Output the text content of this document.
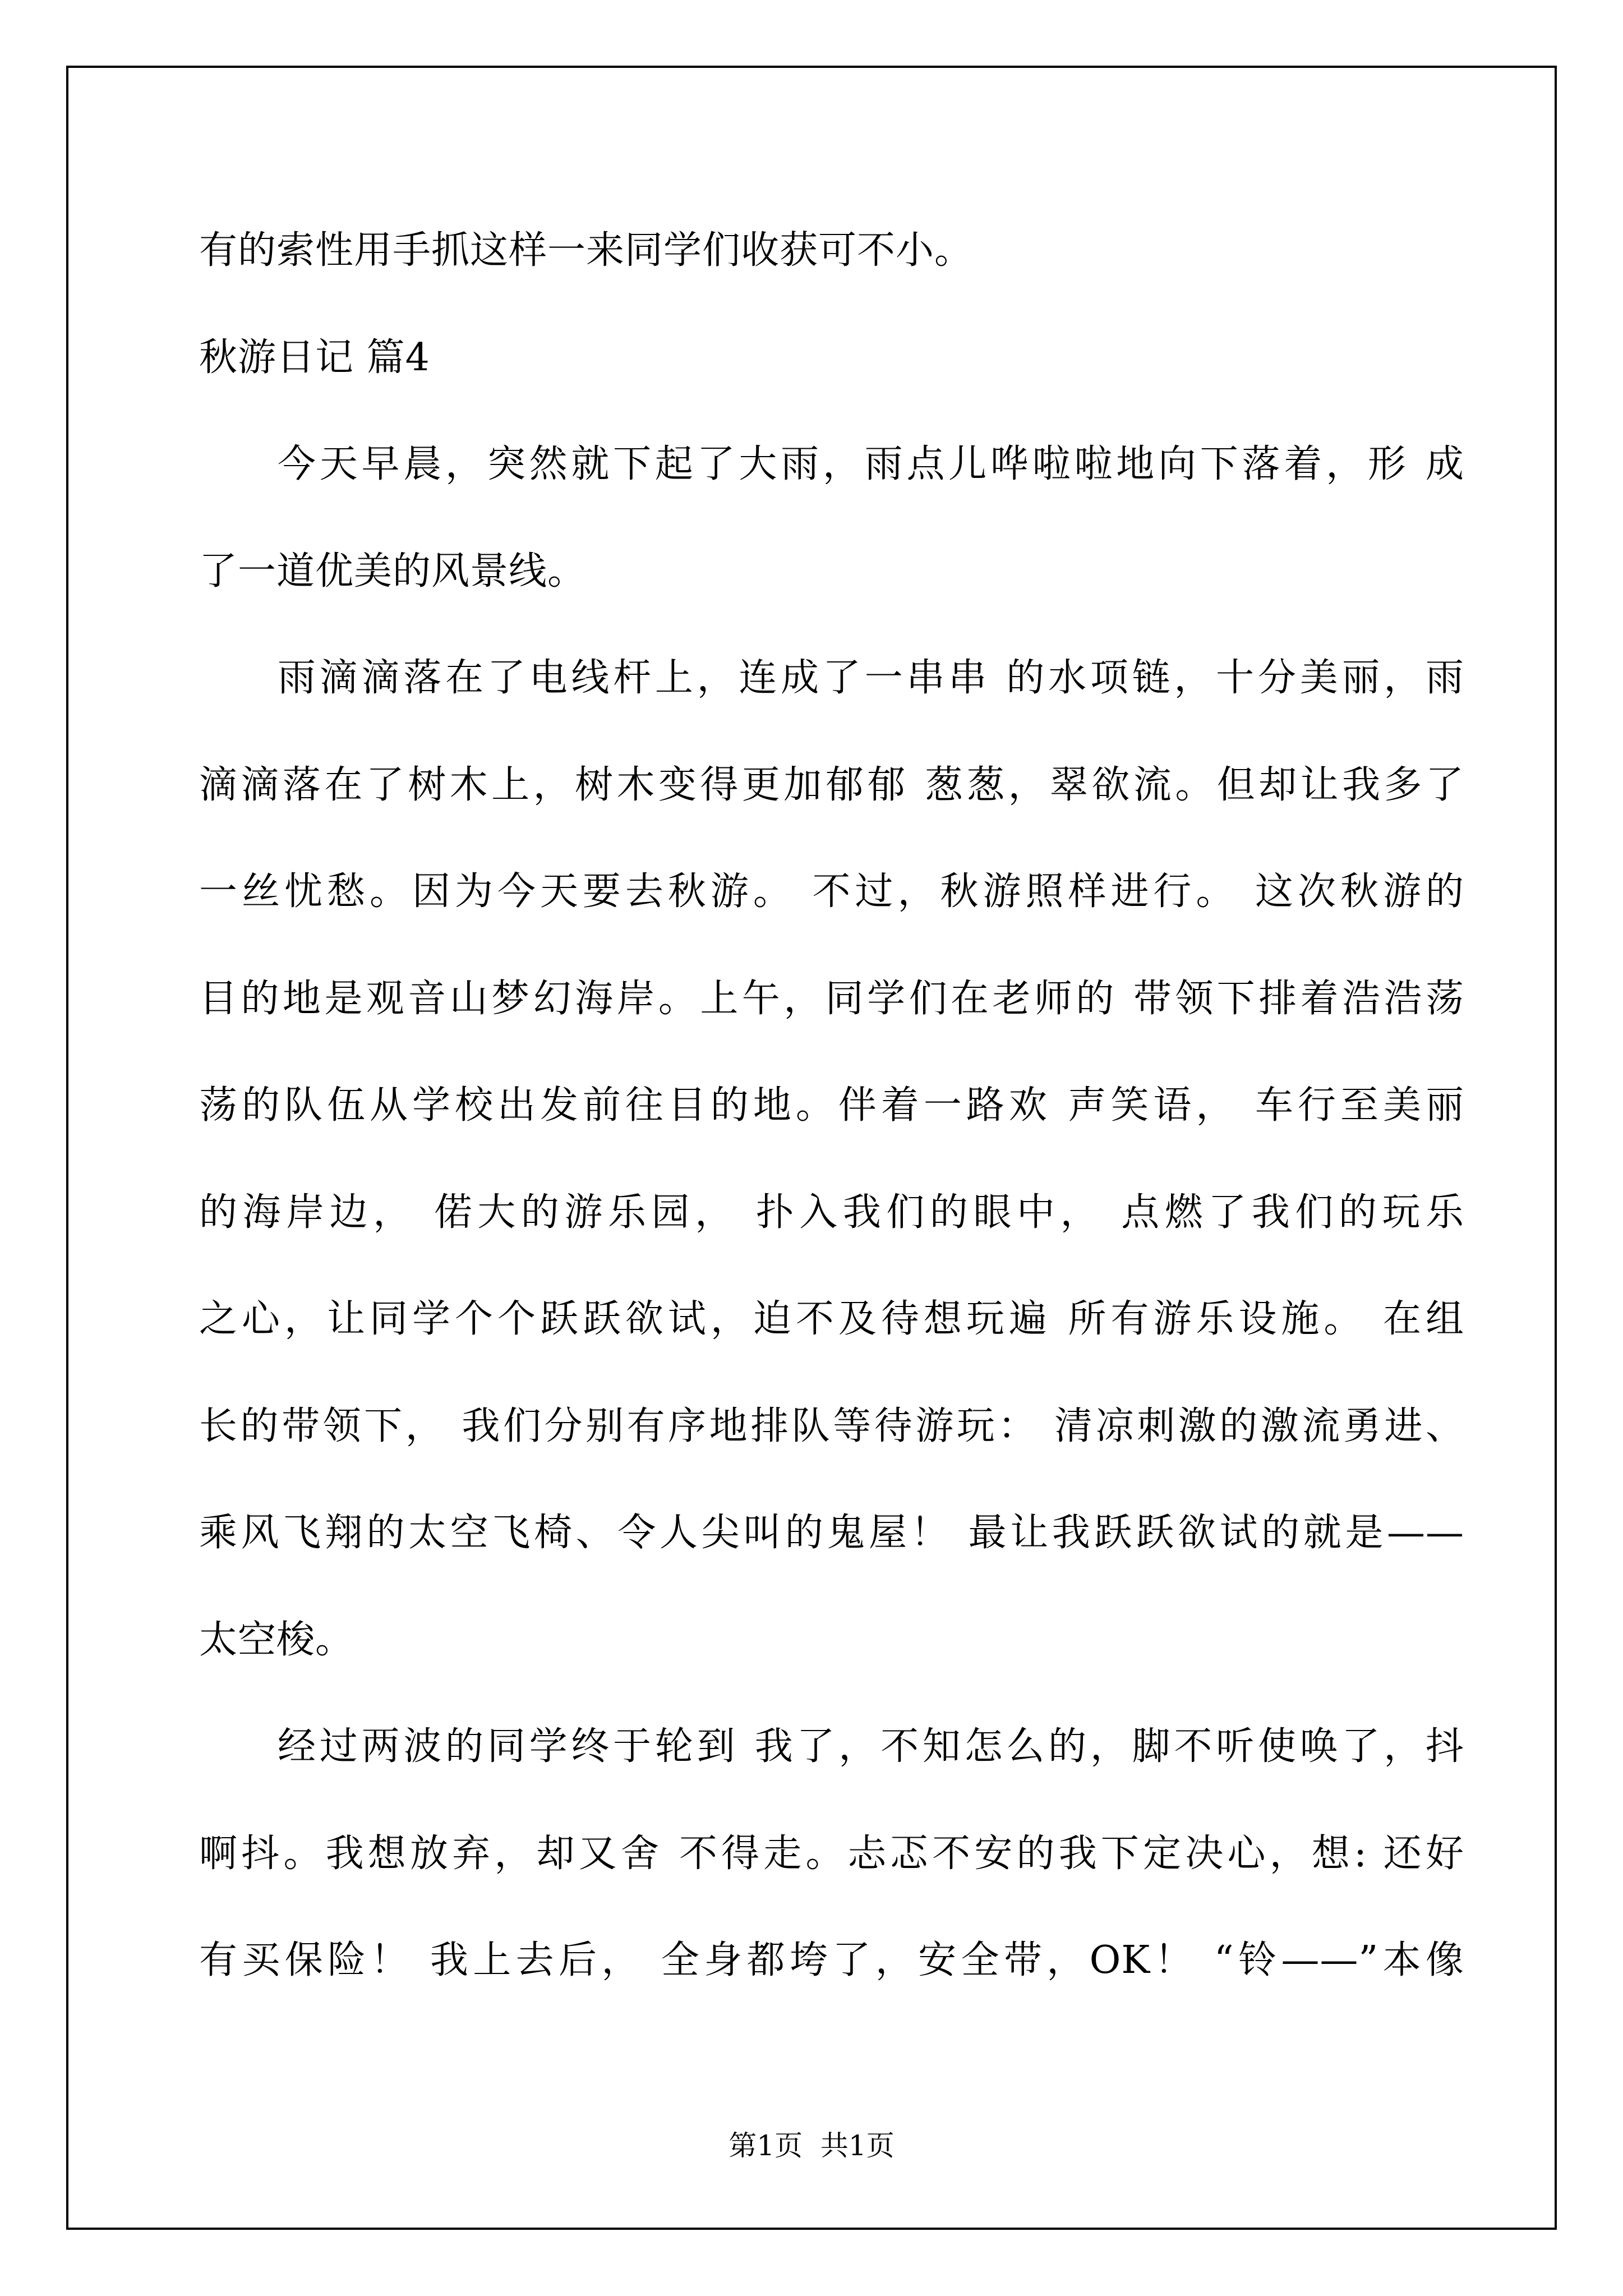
有的索性用手抓这样一来同学们收获可不小。
秋游日记 篇4
今天早晨，突然就下起了大雨，雨点儿哗啦啦地向下落着，形 成
了一道优美的风景线。
雨滴滴落在了电线杆上，连成了一串串 的水项链，十分美丽，雨
滴滴落在了树木上，树木变得更加郁郁 葱葱，翠欲流。但却让我多了
一丝忧愁。因为今天要去秋游。 不过，秋游照样进行。 这次秋游的
目的地是观音山梦幻海岸。上午，同学们在老师的 带领下排着浩浩荡
荡的队伍从学校出发前往目的地。伴着一路欢 声笑语， 车行至美丽
的海岸边， 偌大的游乐园， 扑入我们的眼中， 点燃了我们的玩乐
之心，让同学个个跃跃欲试，迫不及待想玩遍 所有游乐设施。 在组
长的带领下， 我们分别有序地排队等待游玩： 清凉刺激的激流勇进、
乘风飞翔的太空飞椅、令人尖叫的鬼屋！ 最让我跃跃欲试的就是——
太空梭。
经过两波的同学终于轮到 我了，不知怎么的，脚不听使唤了，抖
啊抖。我想放弃，却又舍 不得走。忐忑不安的我下定决心，想: 还好
有买保险！ 我上去后， 全身都垮了，安全带，OK！ “铃——”本像
第1页  共1页
